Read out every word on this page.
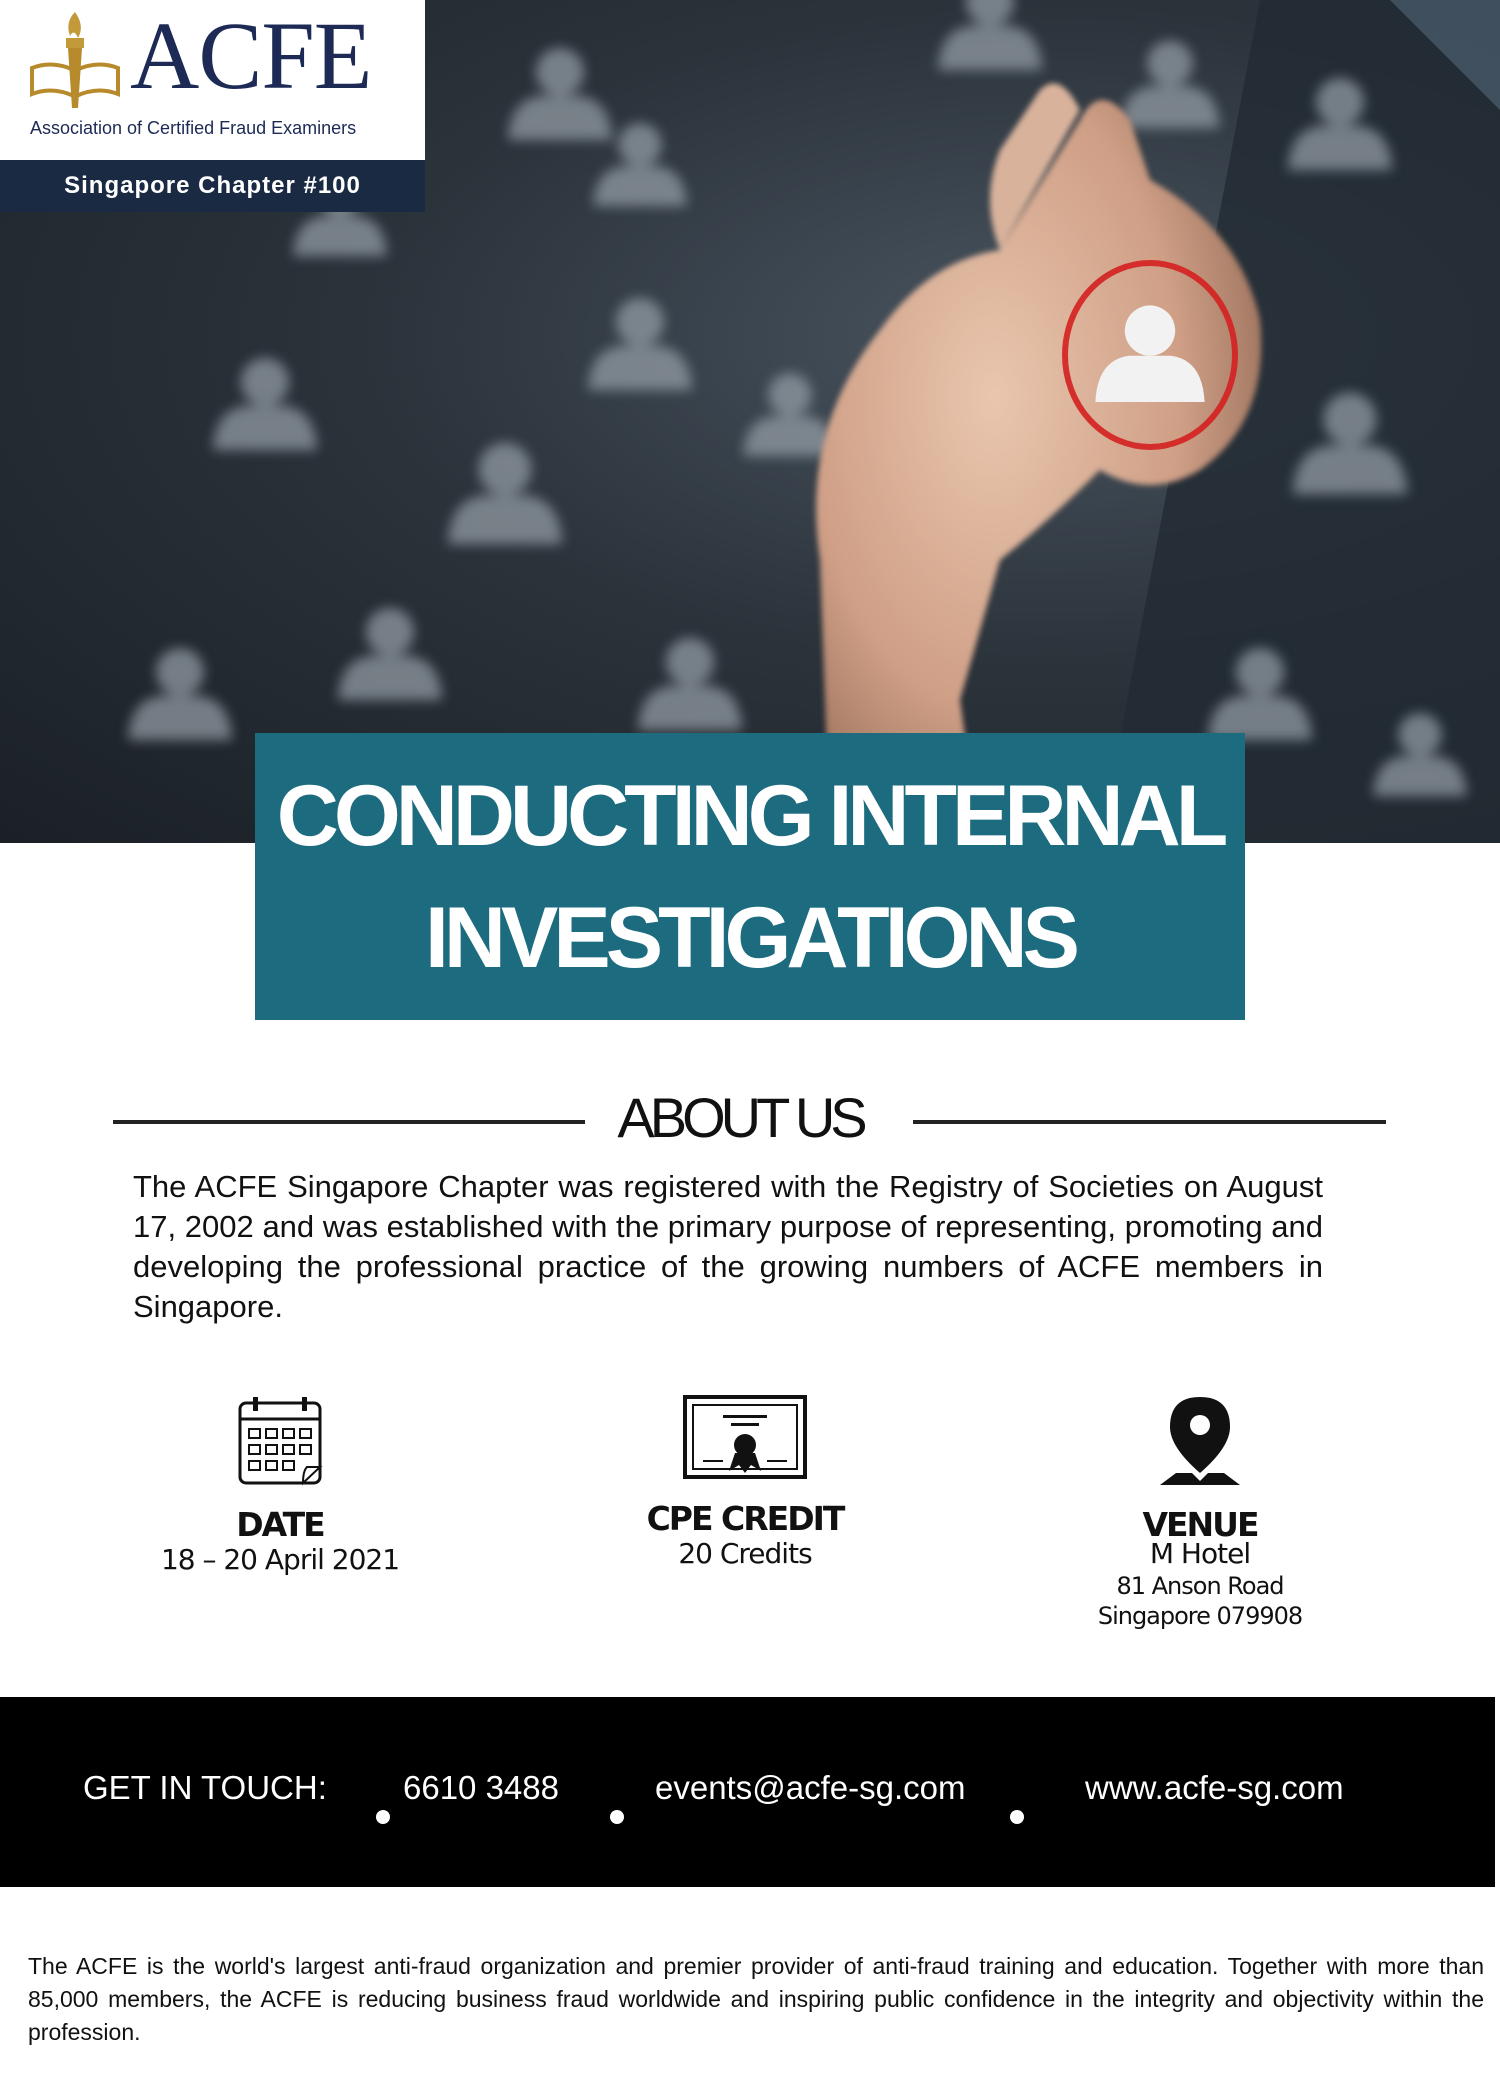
ACFE
Association of Certified Fraud Examiners
Singapore Chapter #100
CONDUCTING INTERNAL
INVESTIGATIONS
ABOUT US
The ACFE Singapore Chapter was registered with the Registry of Societies on August 17, 2002 and was established with the primary purpose of representing, promoting and developing the professional practice of the growing numbers of ACFE members in Singapore.
DATE
18 – 20 April 2021
CPE CREDIT
20 Credits
VENUE
M Hotel
81 Anson Road
Singapore 079908
GET IN TOUCH: 6610 3488	events@acfe-sg.com	www.acfe-sg.com
The ACFE is the world's largest anti-fraud organization and premier provider of anti-fraud training and education. Together with more than 85,000 members, the ACFE is reducing business fraud worldwide and inspiring public confidence in the integrity and objectivity within the profession.
